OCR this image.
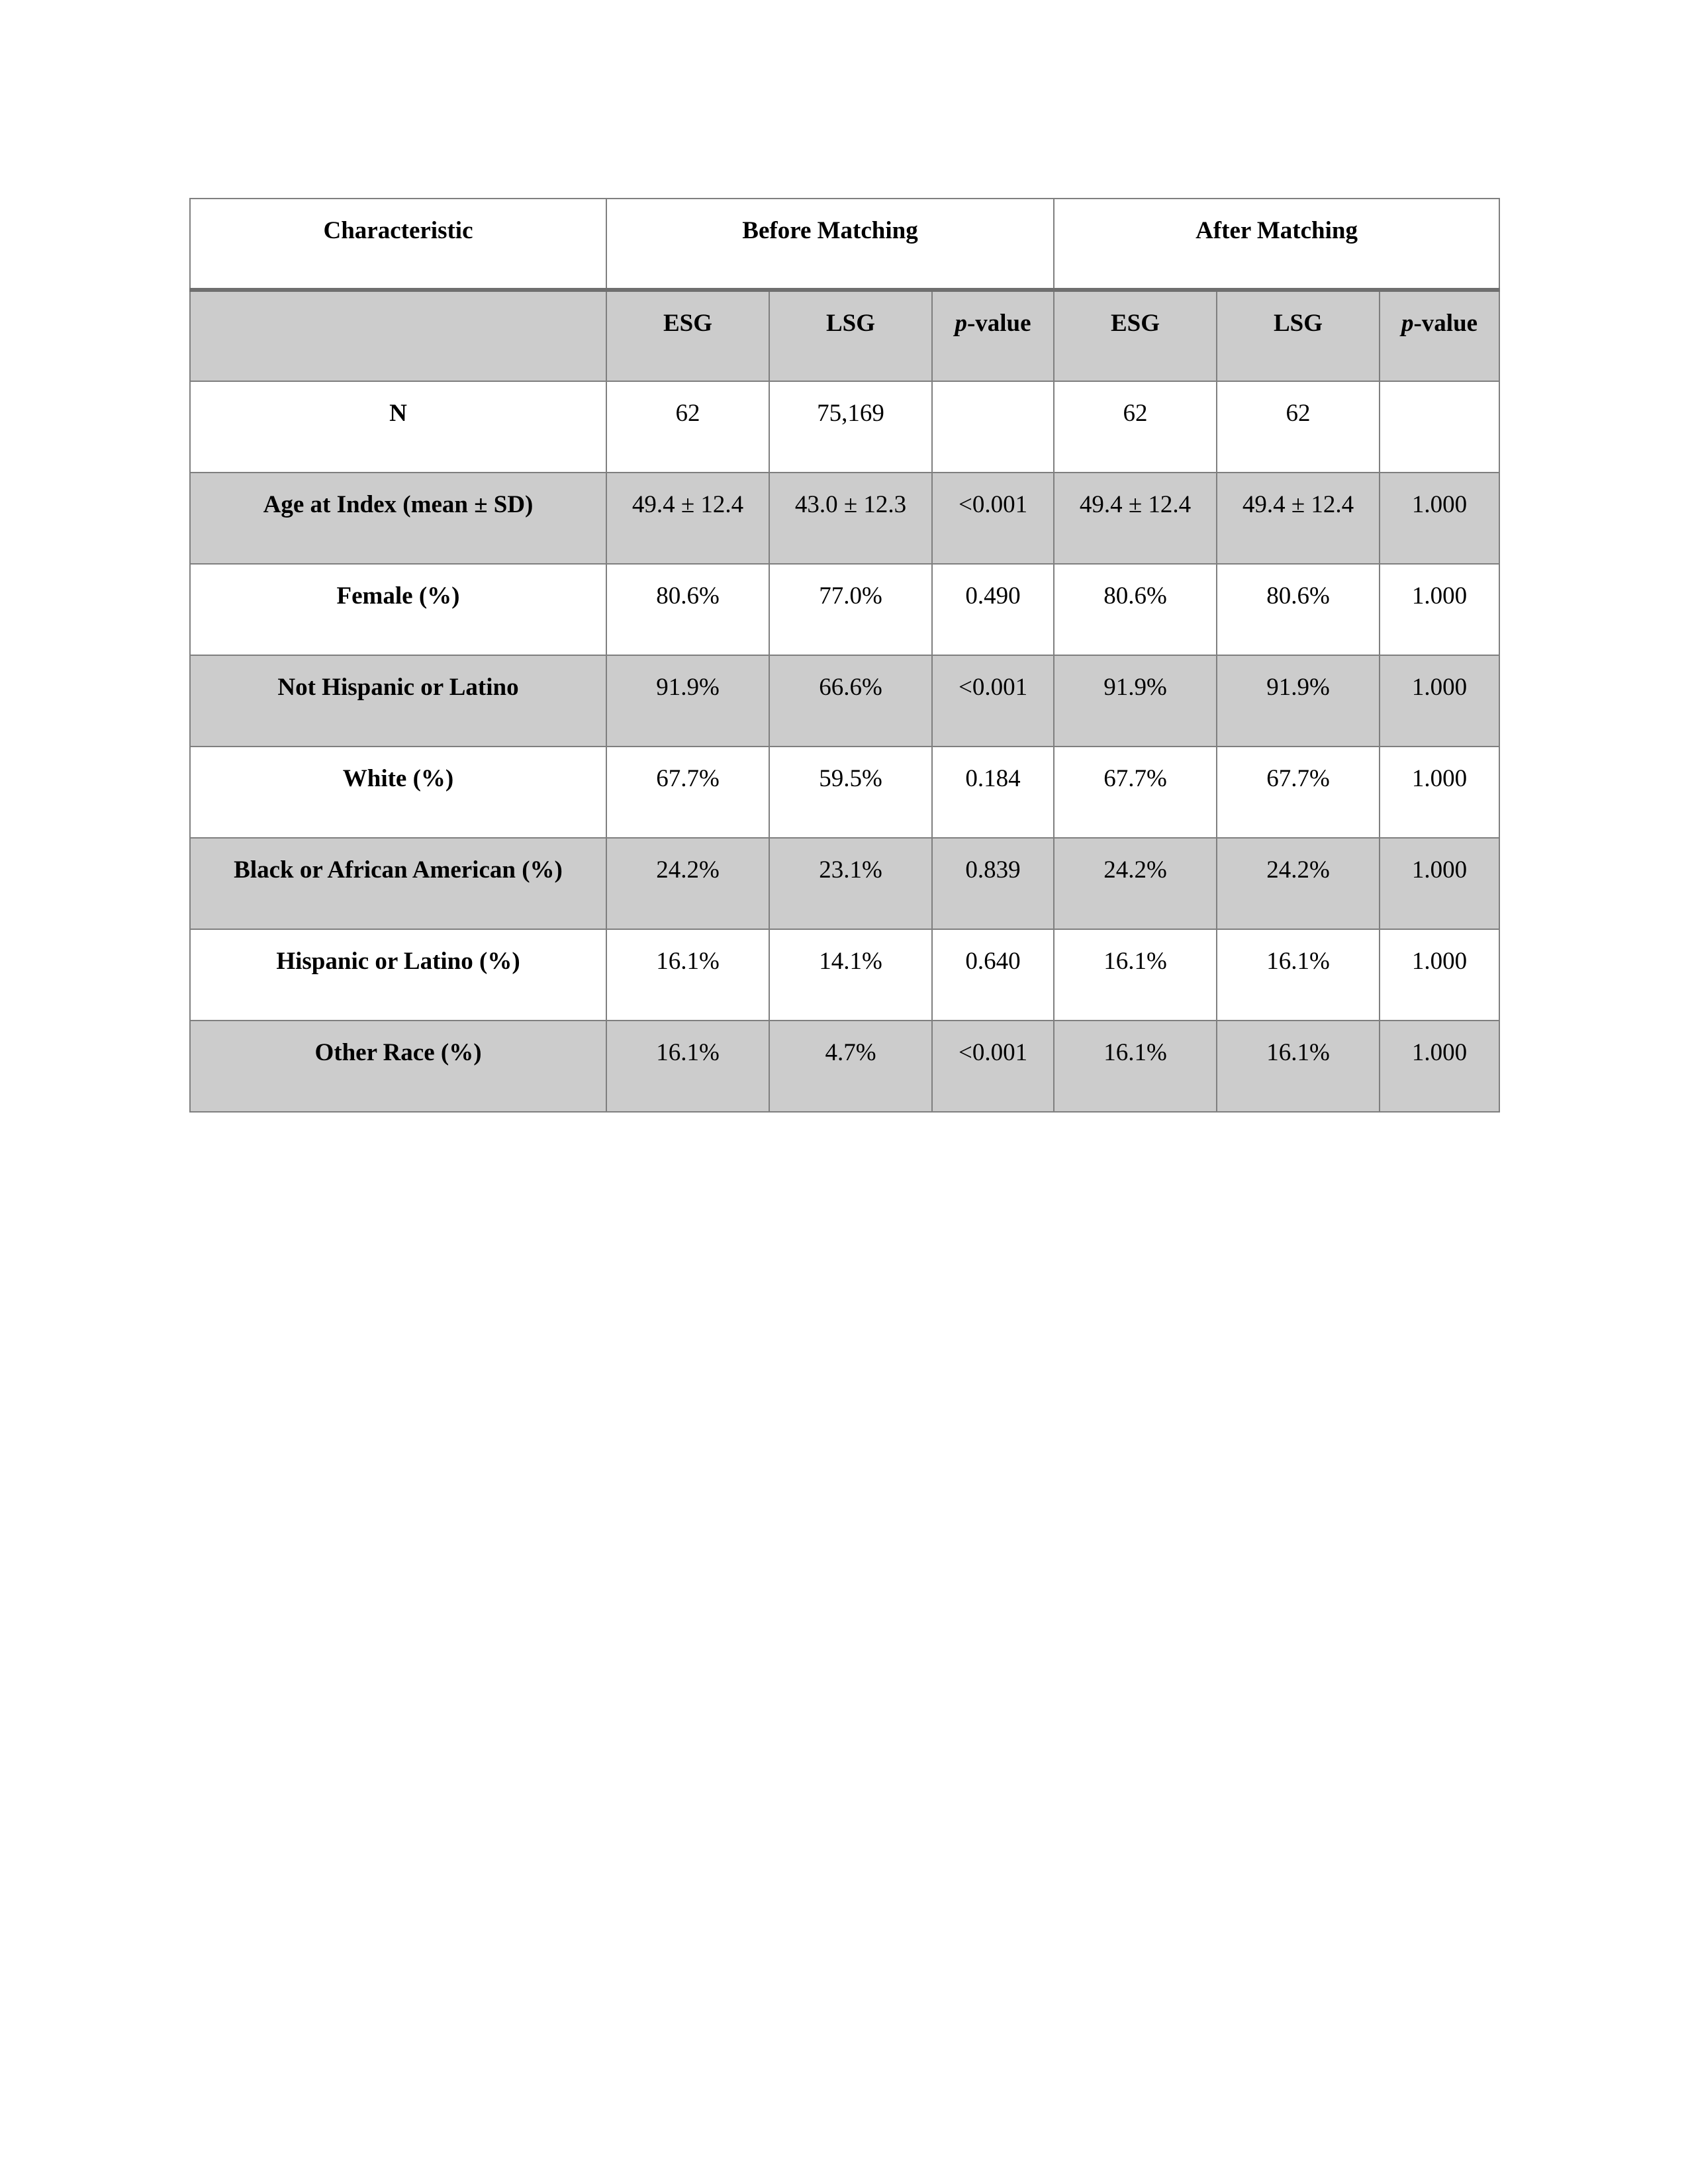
Characteristic	Before Matching			After Matching		

	ESG	LSG	p-value	ESG	LSG	p-value

N	62	75,169		62	62	

Age at Index (mean ± SD)	49.4 ± 12.4	43.0 ± 12.3	<0.001	49.4 ± 12.4	49.4 ± 12.4	1.000

Female (%)	80.6%	77.0%	0.490	80.6%	80.6%	1.000

Not Hispanic or Latino	91.9%	66.6%	<0.001	91.9%	91.9%	1.000

White (%)	67.7%	59.5%	0.184	67.7%	67.7%	1.000

Black or African American (%)	24.2%	23.1%	0.839	24.2%	24.2%	1.000

Hispanic or Latino (%)	16.1%	14.1%	0.640	16.1%	16.1%	1.000

Other Race (%)	16.1%	4.7%	<0.001	16.1%	16.1%	1.000
